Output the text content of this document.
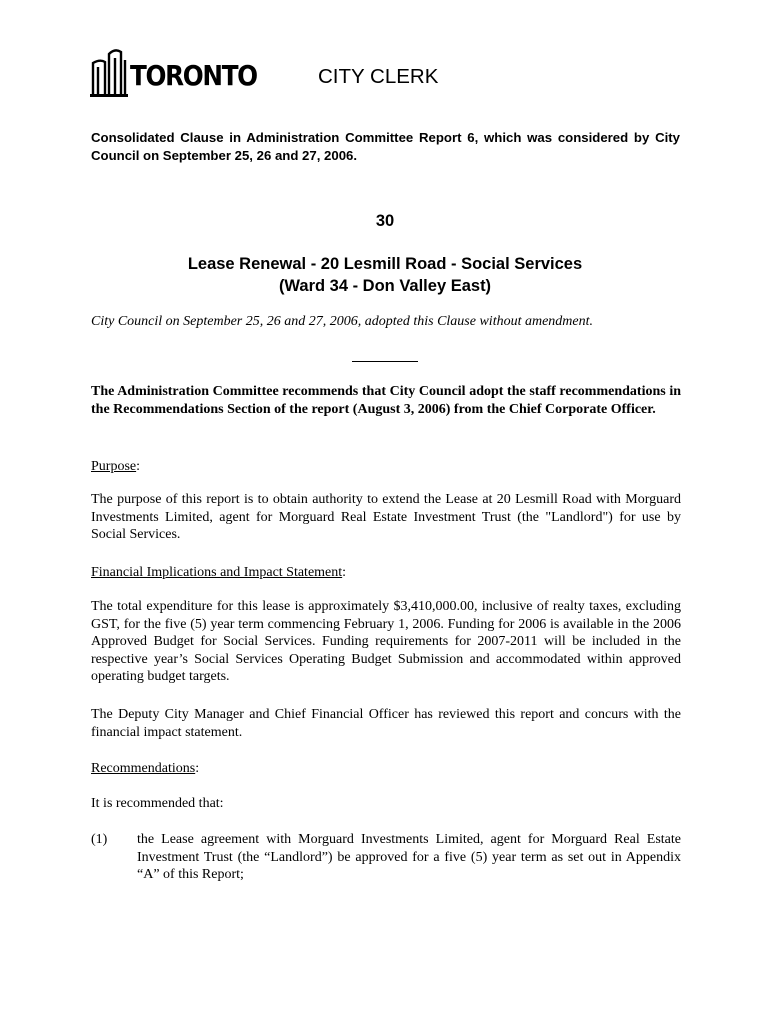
TORONTO	CITY CLERK
Consolidated Clause in Administration Committee Report 6, which was considered by City Council on September 25, 26 and 27, 2006.
30
Lease Renewal - 20 Lesmill Road - Social Services
(Ward 34 - Don Valley East)
City Council on September 25, 26 and 27, 2006, adopted this Clause without amendment.
The Administration Committee recommends that City Council adopt the staff recommendations in the Recommendations Section of the report (August 3, 2006) from the Chief Corporate Officer.
Purpose:
The purpose of this report is to obtain authority to extend the Lease at 20 Lesmill Road with Morguard Investments Limited, agent for Morguard Real Estate Investment Trust (the "Landlord") for use by Social Services.
Financial Implications and Impact Statement:
The total expenditure for this lease is approximately $3,410,000.00, inclusive of realty taxes, excluding GST, for the five (5) year term commencing February 1, 2006. Funding for 2006 is available in the 2006 Approved Budget for Social Services. Funding requirements for 2007-2011 will be included in the respective year’s Social Services Operating Budget Submission and accommodated within approved operating budget targets.
The Deputy City Manager and Chief Financial Officer has reviewed this report and concurs with the financial impact statement.
Recommendations:
It is recommended that:
(1) the Lease agreement with Morguard Investments Limited, agent for Morguard Real Estate Investment Trust (the “Landlord”) be approved for a five (5) year term as set out in Appendix “A” of this Report;
